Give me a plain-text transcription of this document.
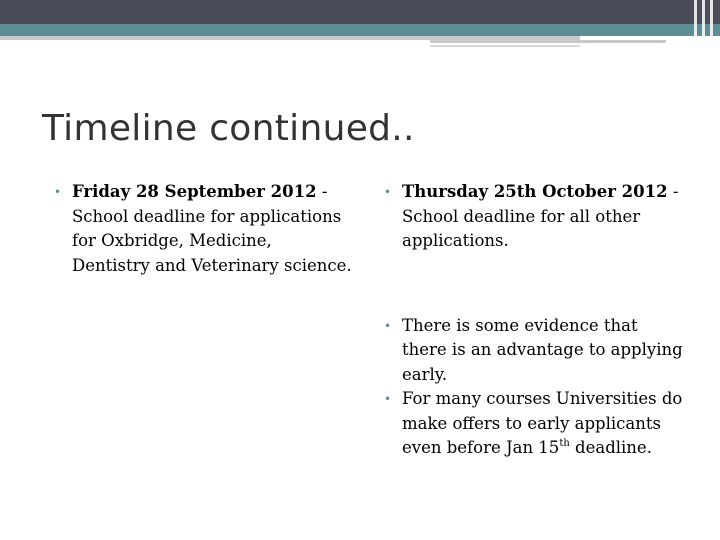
Timeline continued..

• Friday 28 September 2012 - School deadline for applications for Oxbridge, Medicine, Dentistry and Veterinary science.

• Thursday 25th October 2012 - School deadline for all other applications.

• There is some evidence that there is an advantage to applying early.

• For many courses Universities do make offers to early applicants even before Jan 15th deadline.
